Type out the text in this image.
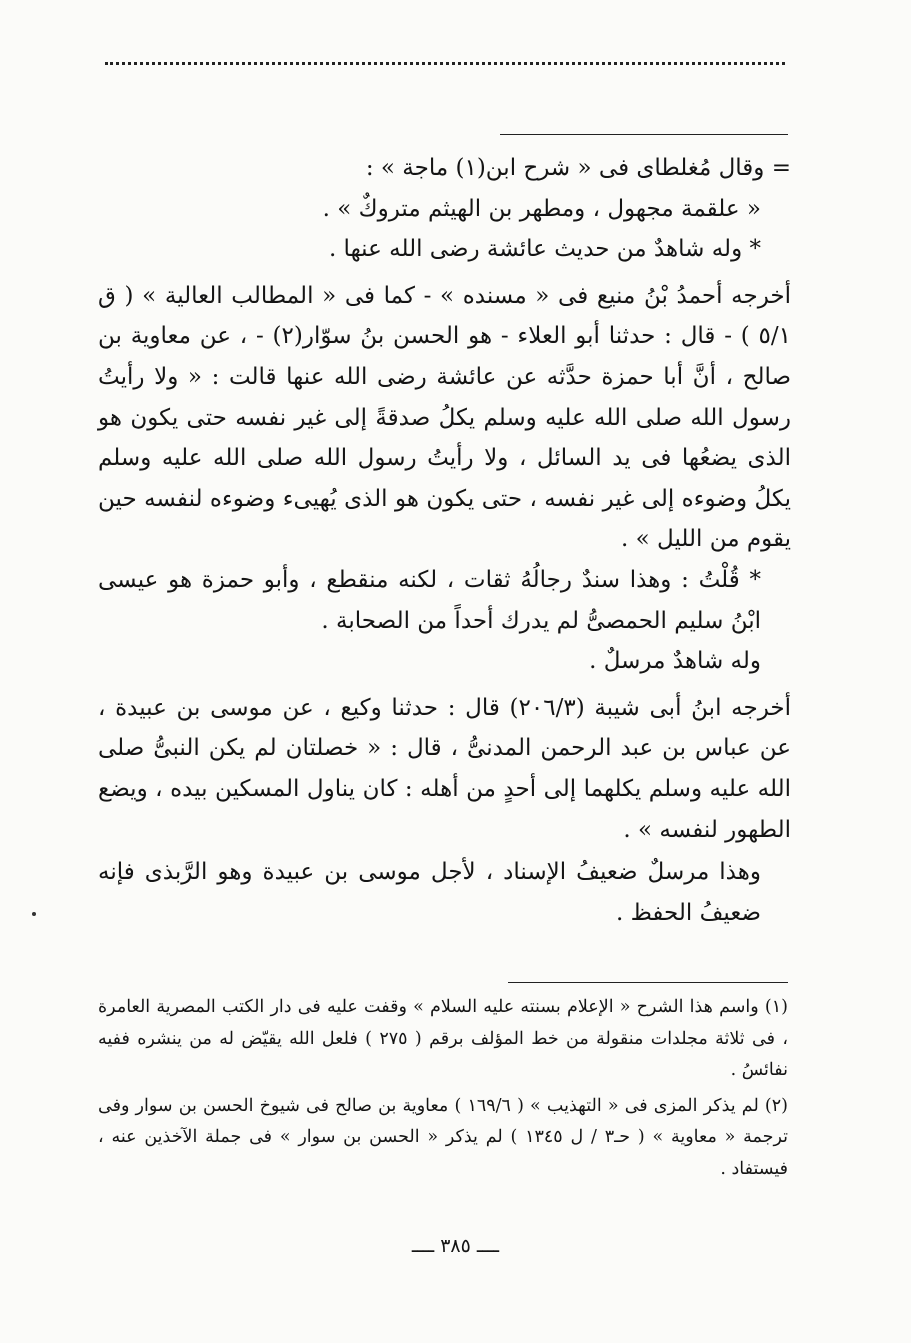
= وقال مُغلطاى فى « شرح ابن(١) ماجة » :

« علقمة مجهول ، ومطهر بن الهيثم متروكٌ » .

* وله شاهدٌ من حديث عائشة رضى الله عنها .

أخرجه أحمدُ بْنُ منيع فى « مسنده » - كما فى « المطالب العالية » ( ق ٥/١ ) - قال : حدثنا أبو العلاء - هو الحسن بنُ سوّار(٢) - ، عن معاوية بن صالح ، أنَّ أبا حمزة حدَّثه عن عائشة رضى الله عنها قالت : « ولا رأيتُ رسول الله صلى الله عليه وسلم يكلُ صدقةً إلى غير نفسه حتى يكون هو الذى يضعُها فى يد السائل ، ولا رأيتُ رسول الله صلى الله عليه وسلم يكلُ وضوءه إلى غير نفسه ، حتى يكون هو الذى يُهيىء وضوءه لنفسه حين يقوم من الليل » .

* قُلْتُ : وهذا سندٌ رجالُهُ ثقات ، لكنه منقطع ، وأبو حمزة هو عيسى ابْنُ سليم الحمصىُّ لم يدرك أحداً من الصحابة .

وله شاهدٌ مرسلٌ .

أخرجه ابنُ أبى شيبة (٢٠٦/٣) قال : حدثنا وكيع ، عن موسى بن عبيدة ، عن عباس بن عبد الرحمن المدنىُّ ، قال : « خصلتان لم يكن النبىُّ صلى الله عليه وسلم يكلهما إلى أحدٍ من أهله : كان يناول المسكين بيده ، ويضع الطهور لنفسه » .

وهذا مرسلٌ ضعيفُ الإسناد ، لأجل موسى بن عبيدة وهو الرَّبذى فإنه ضعيفُ الحفظ .

(١) واسم هذا الشرح « الإعلام بسنته عليه السلام » وقفت عليه فى دار الكتب المصرية العامرة ، فى ثلاثة مجلدات منقولة من خط المؤلف برقم ( ٢٧٥ ) فلعل الله يقيّض له من ينشره ففيه نفائسُ .

(٢) لم يذكر المزى فى « التهذيب » ( ١٦٩/٦ ) معاوية بن صالح فى شيوخ الحسن بن سوار وفى ترجمة « معاوية » ( حـ٣ / ل ١٣٤٥ ) لم يذكر « الحسن بن سوار » فى جملة الآخذين عنه ، فيستفاد .

ــــ ٣٨٥ ــــ
